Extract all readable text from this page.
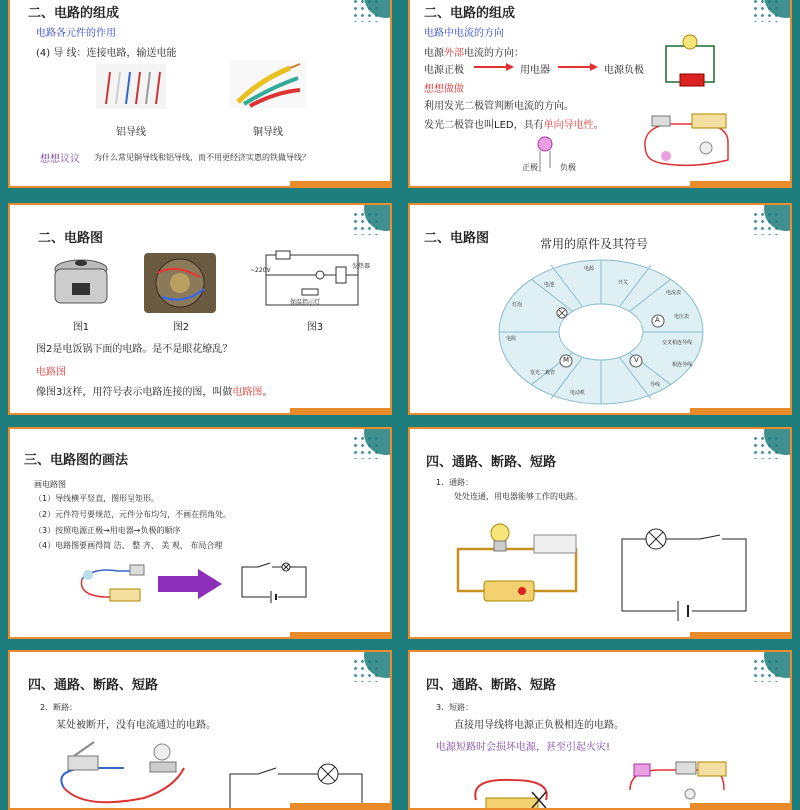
二、电路的组成
电路各元件的作用
(4) 导 线：连接电路，输送电能
铝导线	铜导线
想想议议 为什么常见铜导线和铝导线，而不用更经济实惠的铁做导线？
二、电路的组成
电路中电流的方向
电源外部电流的方向：
电源正极	用电器	电源负极
想想做做
利用发光二极管判断电流的方向。
发光二极管也叫LED，具有单向导电性。
正极	负极
二、电路图
~220V
发热器
保温指示灯
图1	图2	图3
图2是电饭锅下面的电路。是不是眼花缭乱？
电路图
像图3这样，用符号表示电路连接的图，叫做电路图。
二、电路图	常用的原件及其符号
A
M	V
电池	开关
电压表
交叉相连导线
电动机
发光二极管
电阻
灯泡
相连导线
导线
电流表
电源
三、电路图的画法
画电路图
（1）导线横平竖直，图形呈矩形。
（2）元件符号要规范，元件分布均匀，不画在拐角处。
（3）按照电源正极→用电器→负极的顺序
（4）电路图要画得简 洁、 整 齐、 美 观、 布局合理
四、通路、断路、短路
1．通路：
处处连通，用电器能够工作的电路。
四、通路、断路、短路
2．断路：
某处被断开，没有电流通过的电路。
四、通路、断路、短路
3．短路：
直接用导线将电源正负极相连的电路。
电源短路时会损坏电源，甚至引起火灾!
